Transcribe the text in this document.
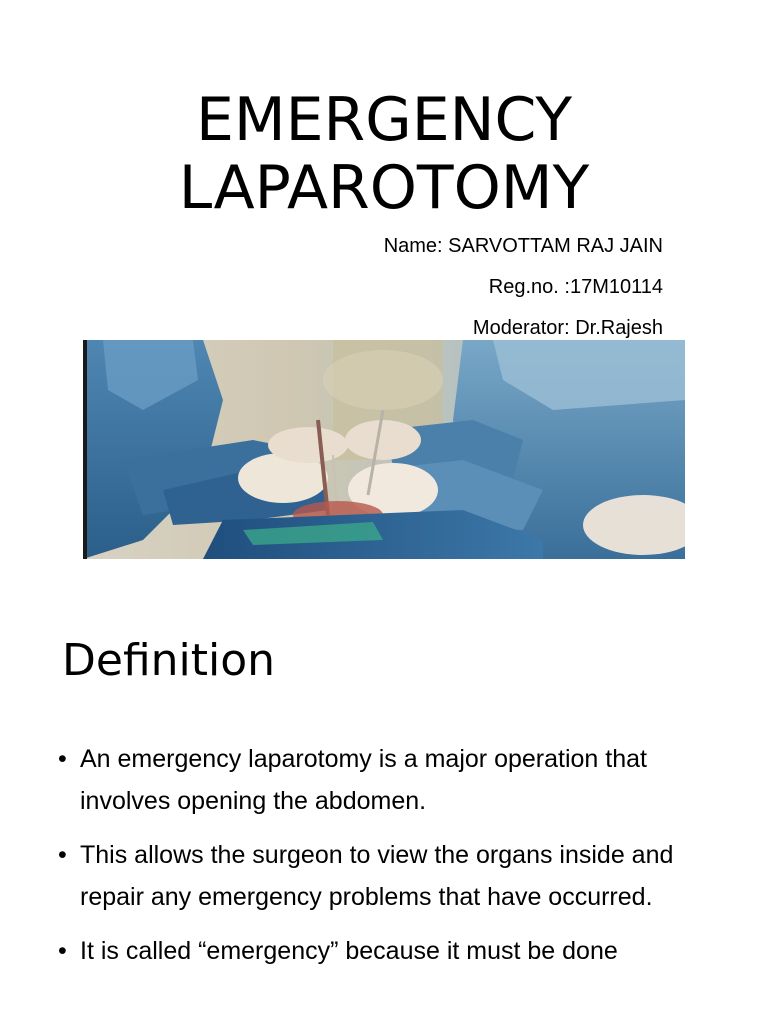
EMERGENCY
LAPAROTOMY
Name: SARVOTTAM RAJ JAIN
Reg.no. :17M10114
Moderator: Dr.Rajesh
Definition
• An emergency laparotomy is a major operation that involves opening the abdomen.
• This allows the surgeon to view the organs inside and repair any emergency problems that have occurred.
• It is called “emergency” because it must be done
